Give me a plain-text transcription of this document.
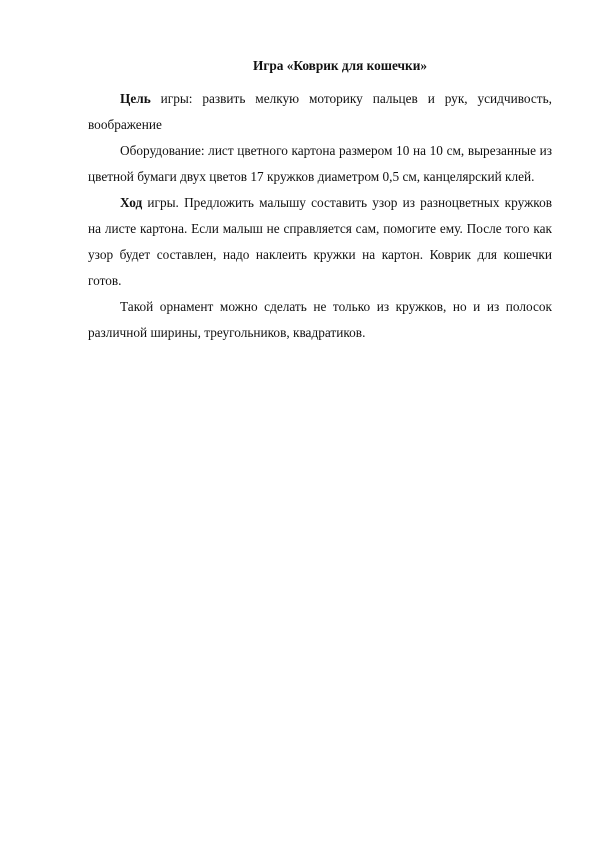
Игра «Коврик для кошечки»

Цель игры: развить мелкую моторику пальцев и рук, усидчивость, воображение

Оборудование: лист цветного картона размером 10 на 10 см, вырезанные из цветной бумаги двух цветов 17 кружков диаметром 0,5 см, канцелярский клей.

Ход игры. Предложить малышу составить узор из разноцветных кружков на листе картона. Если малыш не справляется сам, помогите ему. После того как узор будет составлен, надо наклеить кружки на картон. Коврик для кошечки готов.

Такой орнамент можно сделать не только из кружков, но и из полосок различной ширины, треугольников, квадратиков.
